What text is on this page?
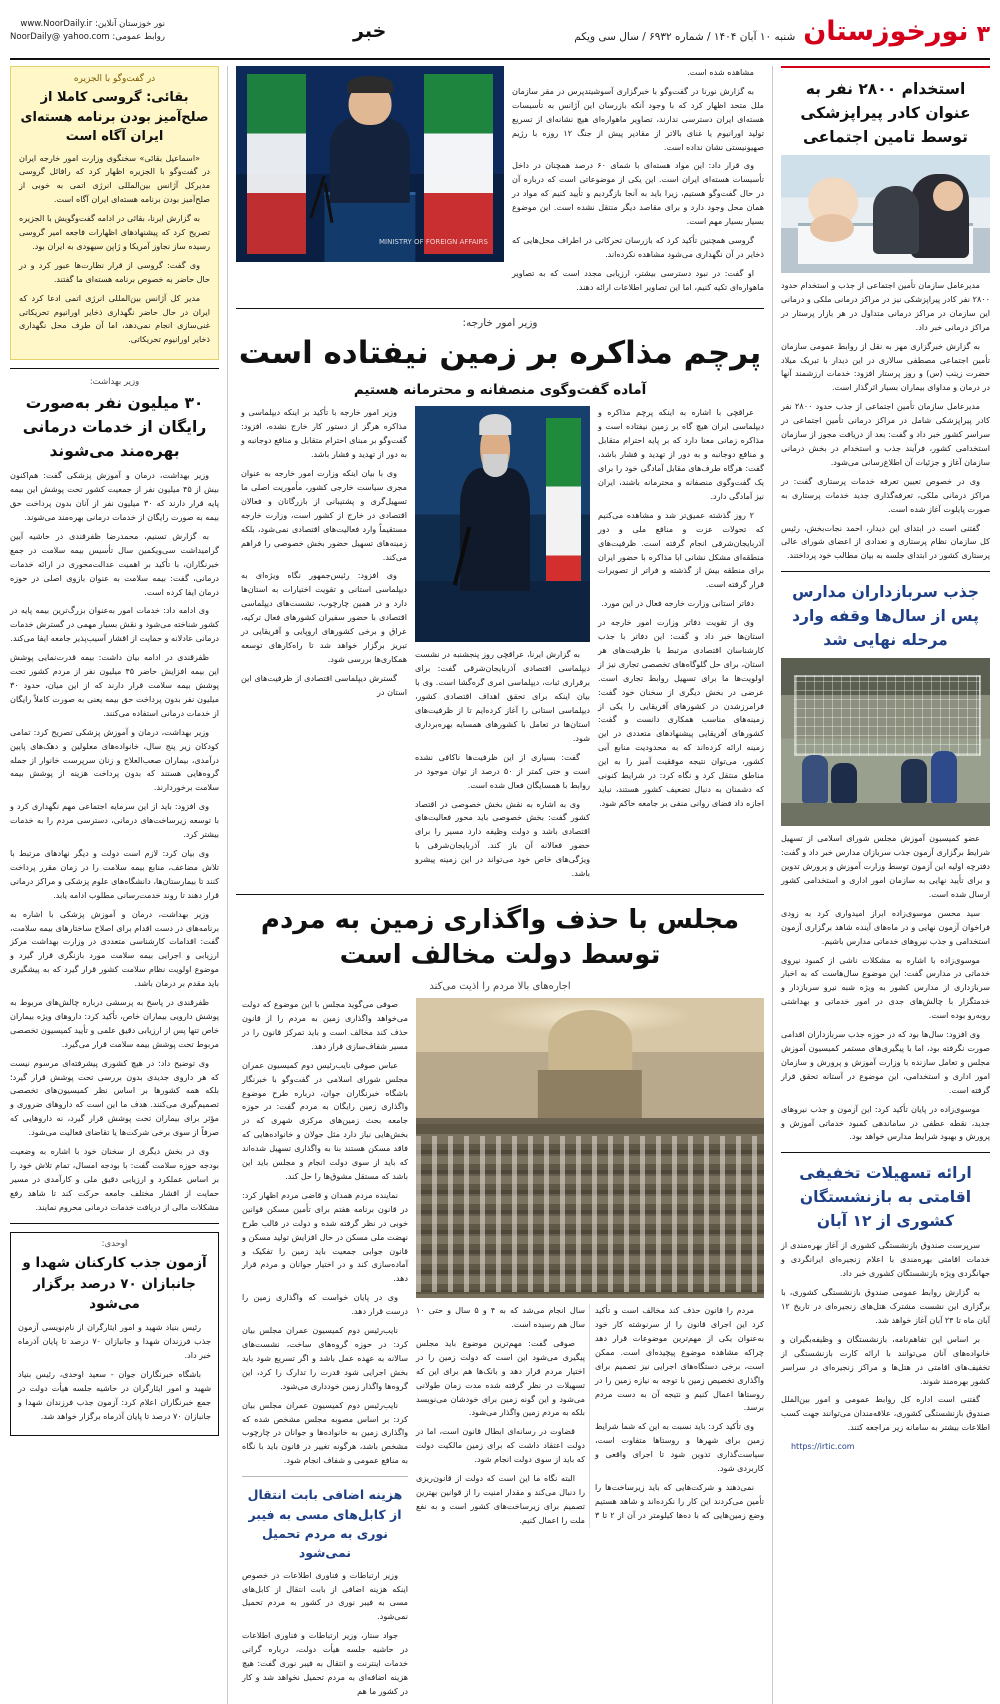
۳
نورخوزستان
شنبه ۱۰ آبان ۱۴۰۴ / شماره ۶۹۳۲ / سال سی ویکم
خبر
نور خوزستان آنلاین: www.NoorDaily.ir
روابط عمومی: NoorDaily@ yahoo.com
استخدام ۲۸۰۰ نفر به عنوان کادر پیراپزشکی توسط تامین اجتماعی

مدیرعامل سازمان تأمین اجتماعی از جذب و استخدام حدود ۲۸۰۰ نفر کادر پیراپزشکی نیز در مراکز درمانی ملکی و درمانی این سازمان در مراکز درمانی متداول در هر بازار پرستار در مراکز درمانی خبر داد.

به گزارش خبرگزاری مهر به نقل از روابط عمومی سازمان تأمین اجتماعی مصطفی سالاری در این دیدار با تبریک میلاد حضرت زینب (س) و روز پرستار افزود: خدمات ارزشمند آنها در درمان و مداوای بیماران بسیار اثرگذار است.

مدیرعامل سازمان تأمین اجتماعی از جذب حدود ۲۸۰۰ نفر کادر پیراپزشکی شامل در مراکز درمانی تأمین اجتماعی در سراسر کشور خبر داد و گفت: بعد از دریافت مجوز از سازمان استخدامی کشور، فرآیند جذب و استخدام در بخش درمانی سازمان آغاز و جزئیات آن اطلاع‌رسانی می‌شود.

وی در خصوص تعیین تعرفه خدمات پرستاری گفت: در مراکز درمانی ملکی، تعرفه‌گذاری جدید خدمات پرستاری به صورت پایلوت آغاز شده است.

گفتنی است در ابتدای این دیدار، احمد نجات‌بخش، رئیس کل سازمان نظام پرستاری و تعدادی از اعضای شورای عالی پرستاری کشور در ابتدای جلسه به بیان مطالب خود پرداختند.

جذب سربازداران مدارس پس از سال‌ها وقفه وارد مرحله نهایی شد

عضو کمیسیون آموزش مجلس شورای اسلامی از تسهیل شرایط برگزاری آزمون جذب سربازان مدارس خبر داد و گفت: دفترچه اولیه این آزمون توسط وزارت آموزش و پرورش تدوین و برای تأیید نهایی به سازمان امور اداری و استخدامی کشور ارسال شده است.

سید محسن موسوی‌زاده ابراز امیدواری کرد به زودی فراخوان آزمون نهایی و در ماه‌های آینده شاهد برگزاری آزمون استخدامی و جذب نیروهای خدماتی مدارس باشیم.

موسوی‌زاده با اشاره به مشکلات ناشی از کمبود نیروی خدماتی در مدارس گفت: این موضوع سال‌هاست که به اخبار سربازداری از مدارس کشور به ویژه شبه نیرو سربازدار و خدمتگزار با چالش‌های جدی در امور خدماتی و بهداشتی روبه‌رو بوده است.

وی افزود: سال‌ها بود که در حوزه جذب سربازداران اقدامی صورت نگرفته بود، اما با پیگیری‌های مستمر کمیسیون آموزش مجلس و تعامل سازنده با وزارت آموزش و پرورش و سازمان امور اداری و استخدامی، این موضوع در آستانه تحقق قرار گرفته است.

موسوی‌زاده در پایان تأکید کرد: این آزمون و جذب نیروهای جدید، نقطه عطفی در ساماندهی کمبود خدماتی آموزش و پرورش و بهبود شرایط مدارس خواهد بود.

ارائه تسهیلات تخفیفی اقامتی به بازنشستگان کشوری از ۱۲ آبان

سرپرست صندوق بازنشستگی کشوری از آغاز بهره‌مندی از خدمات اقامتی بهره‌مندی با اعلام زنجیره‌ای ایرانگردی و جهانگردی ویژه بازنشستگان کشوری خبر داد.

به گزارش روابط عمومی صندوق بازنشستگی کشوری، با برگزاری این نشست مشترک هتل‌های زنجیره‌ای در تاریخ ۱۲ آبان ماه تا ۲۴ آبان آغاز خواهد شد.

بر اساس این تفاهم‌نامه، بازنشستگان و وظیفه‌بگیران و خانواده‌های آنان می‌توانند با ارائه کارت بازنشستگی از تخفیف‌های اقامتی در هتل‌ها و مراکز زنجیره‌ای در سراسر کشور بهره‌مند شوند.

گفتنی است اداره کل روابط عمومی و امور بین‌الملل صندوق بازنشستگی کشوری، علاقه‌مندان می‌توانند جهت کسب اطلاعات بیشتر به سامانه زیر مراجعه کنند.

https://irtic.com

مشاهده شده است.

به گزارش نورنا در گفت‌وگو با خبرگزاری آسوشیتدپرس در مقر سازمان ملل متحد اظهار کرد که با وجود آنکه بازرسان این آژانس به تأسیسات هسته‌ای ایران دسترسی ندارند، تصاویر ماهواره‌ای هیچ نشانه‌ای از تسریع تولید اورانیوم یا غنای بالاتر از مقادیر پیش از جنگ ۱۲ روزه با رژیم صهیونیستی نشان نداده است.

وی قرار داد: این مواد هسته‌ای با شمای ۶۰ درصد همچنان در داخل تأسیسات هسته‌ای ایران است. این یکی از موضوعاتی است که درباره آن در حال گفت‌وگو هستیم، زیرا باید به آنجا بازگردیم و تأیید کنیم که مواد در همان محل وجود دارد و برای مقاصد دیگر منتقل نشده است. این موضوع بسیار بسیار مهم است.

گروسی همچنین تأکید کرد که بازرسان تحرکاتی در اطراف محل‌هایی که ذخایر در آن نگهداری می‌شود مشاهده نکرده‌اند.

او گفت: در نبود دسترسی بیشتر، ارزیابی مجدد است که به تصاویر ماهواره‌ای تکیه کنیم، اما این تصاویر اطلاعات ارائه دهند.

MINISTRY OF FOREIGN AFFAIRS
وزیر امور خارجه:
پرچم مذاکره بر زمین نیفتاده است
آماده گفت‌وگوی منصفانه و محترمانه هستیم

عراقچی با اشاره به اینکه پرچم مذاکره و دیپلماسی ایران هیچ گاه بر زمین نیفتاده است و مذاکره زمانی معنا دارد که بر پایه احترام متقابل و منافع دوجانبه و به دور از تهدید و فشار باشد، گفت: هرگاه طرف‌های مقابل آمادگی خود را برای یک گفت‌وگوی منصفانه و محترمانه باشند، ایران نیز آمادگی دارد.

۲ روز گذشته عمیق‌تر شد و مشاهده می‌کنیم که تحولات عزت و منافع ملی و دور آذربایجان‌شرقی انجام گرفته است. ظرفیت‌های منطقه‌ای مشکل نشانی ابا مذاکره با حضور ایران برای منطقه بیش از گذشته و فراتر از تصویرات قرار گرفته است.

دفاتر استانی وزارت خارجه فعال در این مورد.

وی از تقویت دفاتر وزارت امور خارجه در استان‌ها خبر داد و گفت: این دفاتر با جذب کارشناسان اقتصادی مرتبط با ظرفیت‌های هر استان، برای حل گلوگاه‌های تخصصی تجاری نیز از اولویت‌ها ما برای تسهیل روابط تجاری است. عرضی در بخش دیگری از سخنان خود گفت: فرامرزشدن در کشورهای آفریقایی را یکی از زمینه‌های مناسب همکاری دانست و گفت: کشورهای آفریقایی پیشنهادهای متعددی در این زمینه ارائه کرده‌اند که به محدودیت منابع آبی کشور، می‌توان نتیجه موفقیت آمیز را به این مناطق منتقل کرد و نگاه کرد: در شرایط کنونی که دشمنان به دنبال تضعیف کشور هستند، نباید اجازه داد فضای روانی منفی بر جامعه حاکم شود.

به گزارش ایرنا، عراقچی روز پنجشنبه در نشست دیپلماسی اقتصادی آذربایجان‌شرقی گفت: برای برقراری ثبات، دیپلماسی امری گره‌گشا است. وی با بیان اینکه برای تحقق اهداف اقتصادی کشور، دیپلماسی استانی را آغاز کرده‌ایم تا از ظرفیت‌های استان‌ها در تعامل با کشورهای همسایه بهره‌برداری شود.

گفت: بسیاری از این ظرفیت‌ها ناکافی نشده است و حتی کمتر از ۵۰ درصد از توان موجود در روابط با همسایگان فعال شده است.

وی به اشاره به نقش بخش خصوصی در اقتصاد کشور گفت: بخش خصوصی باید محور فعالیت‌های اقتصادی باشد و دولت وظیفه دارد مسیر را برای حضور فعالانه آن باز کند. آذربایجان‌شرقی با ویژگی‌های خاص خود می‌تواند در این زمینه پیشرو باشد.

وزیر امور خارجه با تأکید بر اینکه دیپلماسی و مذاکره هرگز از دستور کار خارج نشده، افزود: گفت‌وگو بر مبنای احترام متقابل و منافع دوجانبه و به دور از تهدید و فشار باشد.

وی با بیان اینکه وزارت امور خارجه به عنوان مجری سیاست خارجی کشور، مأموریت اصلی ما تسهیل‌گری و پشتیبانی از بازرگانان و فعالان اقتصادی در خارج از کشور است، وزارت خارجه مستقیماً وارد فعالیت‌های اقتصادی نمی‌شود، بلکه زمینه‌های تسهیل حضور بخش خصوصی را فراهم می‌کند.

وی افزود: رئیس‌جمهور نگاه ویژه‌ای به دیپلماسی استانی و تقویت اختیارات به استان‌ها دارد و در همین چارچوب، نشست‌های دیپلماسی اقتصادی با حضور سفیران کشورهای فعال ترکیه، عراق و برخی کشورهای اروپایی و آفریقایی در تبریز برگزار خواهد شد تا راه‌کارهای توسعه همکاری‌ها بررسی شود.

گسترش دیپلماسی اقتصادی از ظرفیت‌های این استان در

مجلس با حذف واگذاری زمین به مردم توسط دولت مخالف است
اجاره‌های بالا مردم را اذیت می‌کند

مردم را قانون حذف کند مخالف است و تأکید کرد این اجرای قانون را از سرنوشته کار خود به‌عنوان یکی از مهم‌ترین موضوعات قرار دهد چراکه مشاهده موضوع پیچیده‌ای است. ممکن است، برخی دستگاه‌های اجرایی نیز تصمیم برای واگذاری تخصیص زمین با توجه به نیازه زمین را در روستاها اعمال کنیم و نتیجه آن به دست مردم برسد.

وی تأکید کرد: باید نسبت به این که شما شرایط زمین برای شهرها و روستاها متفاوت است، سیاست‌گذاری تدوین شود تا اجرای واقعی و کاربردی شود.

نمی‌دهند و شرکت‌هایی که باید زیرساخت‌ها را تأمین می‌کردند این کار را نکرده‌اند و شاهد هستیم وضع زمین‌هایی که با ده‌ها کیلومتر در آن از ۲ تا ۳ سال انجام می‌شد که به ۴ و ۵ سال و حتی ۱۰ سال هم رسیده است.

صوفی گفت: مهم‌ترین موضوع باید مجلس پیگیری می‌شود این است که دولت زمین را در اختیار مردم قرار دهد و بانک‌ها هم برای این که تسهیلات در نظر گرفته شده مدت زمان طولانی می‌شود و این گونه زمین برای خودشان می‌نویسد بلکه به مردم زمین واگذار می‌شود.

قضاوت در رسانه‌ای ابطال قانون است، اما در دولت اعتقاد داشت که برای زمین مالکیت دولت که باید از سوی دولت انجام شود.

البته نگاه ما این است که دولت از قانون‌ریزی را دنبال می‌کند و مقدار امنیت را از قوانین بهترین تصمیم برای زیرساخت‌های کشور است و به نفع ملت را اعمال کنیم.

صوفی می‌گوید مجلس با این موضوع که دولت می‌خواهد واگذاری زمین به مردم را از قانون حذف کند مخالف است و باید تمرکز قانون را در مسیر شفاف‌سازی قرار دهد.

عباس صوفی نایب‌رئیس دوم کمیسیون عمران مجلس شورای اسلامی در گفت‌وگو با خبرنگار باشگاه خبرنگاران جوان، درباره طرح موضوع واگذاری زمین رایگان به مردم گفت: در حوزه جامعه بحث زمین‌های مرکزی شهری که در بخش‌هایی نیاز دارد مثل جولان و خانواده‌هایی که فاقد مسکن هستند بنا به واگذاری تسهیل شده‌اند که باید از سوی دولت انجام و مجلس باید این باشد که مستقل مشوق‌ها را حل کند.

نماینده مردم همدان و قاضی مردم اظهار کرد: در قانون برنامه هفتم برای تأمین مسکن قوانین خوبی در نظر گرفته شده و دولت در قالب طرح نهضت ملی مسکن در حال افزایش تولید مسکن و قانون جوابی جمعیت باید زمین را تفکیک و آماده‌سازی کند و در اختیار جوانان و مردم قرار دهد.

وی در پایان خواست که واگذاری زمین را درست قرار دهد.

نایب‌رئیس دوم کمیسیون عمران مجلس بیان کرد: در حوزه گروه‌های ساخت، نشست‌های سالانه به عهده عمل باشد و اگر تسریع شود باید بخش اجرایی شود قدرت را تدارک را کرد، این گروه‌ها واگذار زمین خودداری می‌شود.

نایب‌رئیس دوم کمیسیون عمران مجلس بیان کرد: بر اساس مصوبه مجلس مشخص شده که واگذاری زمین به خانواده‌ها و جوانان در چارچوب مشخص باشد، هرگونه تغییر در قانون باید با نگاه به منافع عمومی و شفاف انجام شود.

هزینه اضافی بابت انتقال از کابل‌های مسی به فیبر نوری به مردم تحمیل نمی‌شود

وزیر ارتباطات و فناوری اطلاعات در خصوص اینکه هزینه اضافی از بابت انتقال از کابل‌های مسی به فیبر نوری در کشور به مردم تحمیل نمی‌شود.

جواد ستار، وزیر ارتباطات و فناوری اطلاعات در حاشیه جلسه هیأت دولت، درباره گرانی خدمات اینترنت و انتقال به فیبر نوری گفت: هیچ هزینه اضافه‌ای به مردم تحمیل نخواهد شد و کار در کشور ما هم

در گفت‌وگو با الجزیره
بقائی: گروسی کاملا از صلح‌آمیز بودن برنامه هسته‌ای ایران آگاه است

«اسماعیل بقائی» سخنگوی وزارت امور خارجه ایران در گفت‌وگو با الجزیره اظهار کرد که رافائل گروسی مدیرکل آژانس بین‌المللی انرژی اتمی به خوبی از صلح‌آمیز بودن برنامه هسته‌ای ایران آگاه است.

به گزارش ایرنا، بقائی در ادامه گفت‌وگویش با الجزیره تصریح کرد که پیشنهادهای اظهارات فاجعه امیر گروسی رسیده ساز نجاوز آمریکا و ژاپن سیهودی به ایران بود.

وی گفت: گروسی از قرار نظارت‌ها عبور کرد و در حال حاضر به خصوص برنامه هسته‌ای ما گفتند.

مدیر کل آژانس بین‌المللی انرژی اتمی ادعا کرد که ایران در حال حاضر نگهداری ذخایر اورانیوم تحریکاتی غنی‌سازی انجام نمی‌دهد، اما آن طرف محل نگهداری ذخایر اورانیوم تحریکاتی.

وزیر بهداشت:
۳۰ میلیون نفر به‌صورت رایگان از خدمات درمانی بهره‌مند می‌شوند

وزیر بهداشت، درمان و آموزش پزشکی گفت: هم‌اکنون بیش از ۴۵ میلیون نفر از جمعیت کشور تحت پوشش این بیمه پایه قرار دارند که ۳۰ میلیون نفر از آنان بدون پرداخت حق بیمه به صورت رایگان از خدمات درمانی بهره‌مند می‌شوند.

به گزارش تسنیم، محمدرضا ظفرقندی در حاشیه آیین گرامیداشت سی‌ویکمین سال تأسیس بیمه سلامت در جمع خبرنگاران، با تأکید بر اهمیت عدالت‌محوری در ارائه خدمات درمانی، گفت: بیمه سلامت به عنوان بازوی اصلی در حوزه درمان ایفا کرده است.

وی ادامه داد: خدمات امور به‌عنوان بزرگ‌ترین بیمه پایه در کشور شناخته می‌شود و نقش بسیار مهمی در گسترش خدمات درمانی عادلانه و حمایت از اقشار آسیب‌پذیر جامعه ایفا می‌کند.

ظفرقندی در ادامه بیان داشت: بیمه قدرت‌نمایی پوشش این بیمه افزایش حاضر ۴۵ میلیون نفر از مردم کشور تحت پوشش بیمه سلامت قرار دارند که از این میان، حدود ۳۰ میلیون نفر بدون پرداخت حق بیمه یعنی به صورت کاملاً رایگان از خدمات درمانی استفاده می‌کنند.

وزیر بهداشت، درمان و آموزش پزشکی تصریح کرد: تمامی کودکان زیر پنج سال، خانواده‌های معلولین و دهک‌های پایین درآمدی، بیماران صعب‌العلاج و زنان سرپرست خانوار از جمله گروه‌هایی هستند که بدون پرداخت هزینه از پوشش بیمه سلامت برخوردارند.

وی افزود: باید از این سرمایه اجتماعی مهم نگهداری کرد و با توسعه زیرساخت‌های درمانی، دسترسی مردم را به خدمات بیشتر کرد.

وی بیان کرد: لازم است دولت و دیگر نهادهای مرتبط با تلاش مضاعف، منابع بیمه سلامت را در زمان مقرر پرداخت کنند تا بیمارستان‌ها، دانشگاه‌های علوم پزشکی و مراکز درمانی قرار دهند تا روند خدمت‌رسانی مطلوب ادامه یابد.

وزیر بهداشت، درمان و آموزش پزشکی با اشاره به برنامه‌های در دست اقدام برای اصلاح ساختارهای بیمه سلامت، گفت: اقدامات کارشناسی متعددی در وزارت بهداشت مرکز ارزیابی و اجرایی بیمه سلامت مورد بازنگری قرار گیرد و موضوع اولویت نظام سلامت کشور قرار گیرد که به پیشگیری باید مقدم بر درمان باشد.

ظفرقندی در پاسخ به پرسشی درباره چالش‌های مربوط به پوشش دارویی بیماران خاص، تأکید کرد: داروهای ویژه بیماران خاص تنها پس از ارزیابی دقیق علمی و تأیید کمیسیون تخصصی مربوط تحت پوشش بیمه سلامت قرار می‌گیرد.

وی توضیح داد: در هیچ کشوری پیشرفته‌ای مرسوم نیست که هر داروی جدیدی بدون بررسی تحت پوشش قرار گیرد؛ بلکه همه کشورها بر اساس نظر کمیسیون‌های تخصصی تصمیم‌گیری می‌کنند. هدف ما این است که داروهای ضروری و مؤثر برای بیماران تحت پوشش قرار گیرد، نه داروهایی که صرفاً از سوی برخی شرکت‌ها یا تقاضای فعالیت می‌شود.

وی در بخش دیگری از سخنان خود با اشاره به وضعیت بودجه حوزه سلامت گفت: با بودجه امسال، تمام تلاش خود را بر اساس عملکرد و ارزیابی دقیق ملی و کارآمدی در مسیر حمایت از اقشار مختلف جامعه حرکت کند تا شاهد رفع مشکلات مالی از دریافت خدمات درمانی محروم نمایند.

اوحدی:
آزمون جذب کارکنان شهدا و جانبازان ۷۰ درصد برگزار می‌شود

رئیس بنیاد شهید و امور ایثارگران از نام‌نویسی آزمون جذب فرزندان شهدا و جانبازان ۷۰ درصد تا پایان آذرماه خبر داد.

باشگاه خبرنگاران جوان - سعید اوحدی، رئیس بنیاد شهید و امور ایثارگران در حاشیه جلسه هیأت دولت در جمع خبرنگاران اعلام کرد: آزمون جذب فرزندان شهدا و جانبازان ۷۰ درصد تا پایان آذرماه برگزار خواهد شد.
